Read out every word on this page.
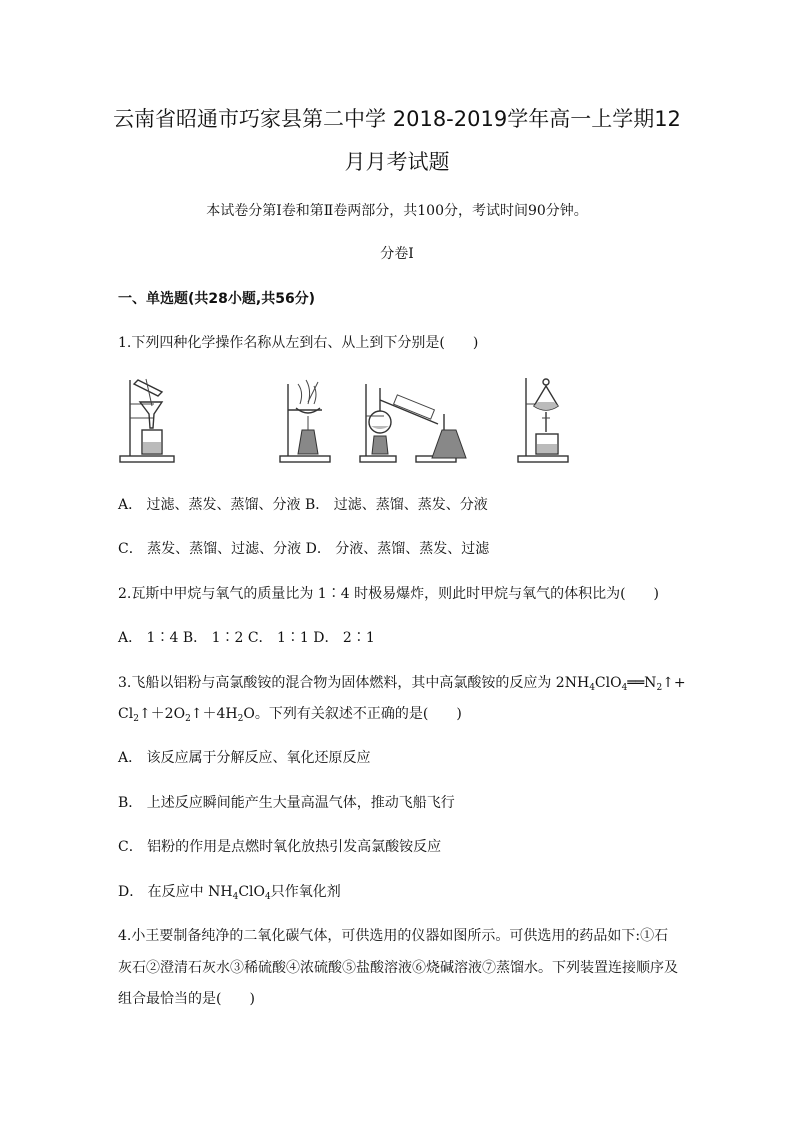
云南省昭通市巧家县第二中学 2018-2019学年高一上学期12
月月考试题

本试卷分第Ⅰ卷和第Ⅱ卷两部分，共100分，考试时间90分钟。

分卷Ⅰ

一、单选题(共28小题,共56分)

1.下列四种化学操作名称从左到右、从上到下分别是(　　)

A． 过滤、蒸发、蒸馏、分液 B． 过滤、蒸馏、蒸发、分液

C． 蒸发、蒸馏、过滤、分液 D． 分液、蒸馏、蒸发、过滤

2.瓦斯中甲烷与氧气的质量比为 1∶4 时极易爆炸，则此时甲烷与氧气的体积比为(　　)

A． 1∶4 B． 1∶2 C． 1∶1 D． 2∶1

3.飞船以铝粉与高氯酸铵的混合物为固体燃料，其中高氯酸铵的反应为 $2NH_4ClO_4══N_2↑+$

$Cl_2↑+2O_2↑+4H_2O$。下列有关叙述不正确的是(　　)

A． 该反应属于分解反应、氧化还原反应

B． 上述反应瞬间能产生大量高温气体，推动飞船飞行

C． 铝粉的作用是点燃时氧化放热引发高氯酸铵反应

D． 在反应中 $NH_4ClO_4$只作氧化剂

4.小王要制备纯净的二氧化碳气体，可供选用的仪器如图所示。可供选用的药品如下:①石

灰石②澄清石灰水③稀硫酸④浓硫酸⑤盐酸溶液⑥烧碱溶液⑦蒸馏水。下列装置连接顺序及

组合最恰当的是(　　)
